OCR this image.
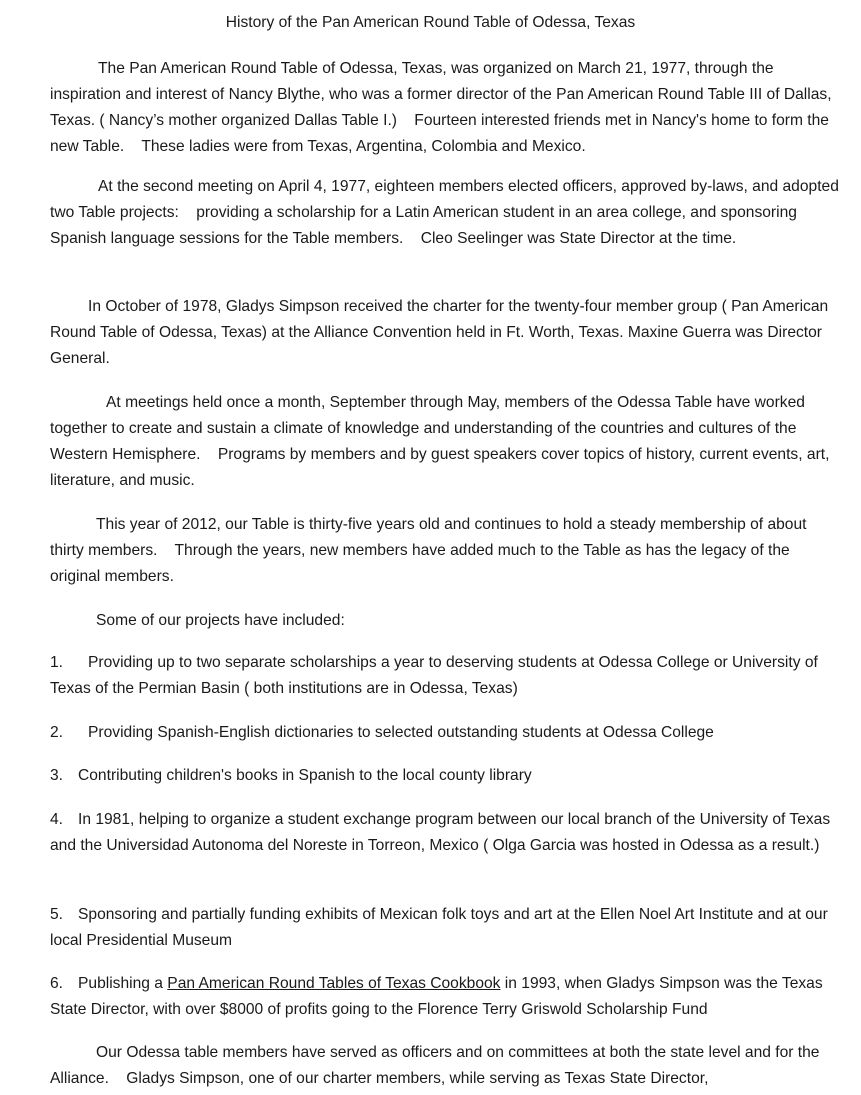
History of the Pan American Round Table of Odessa, Texas

The Pan American Round Table of Odessa, Texas, was organized on March 21, 1977, through the inspiration and interest of Nancy Blythe, who was a former director of the Pan American Round Table III of Dallas, Texas. ( Nancy’s mother organized Dallas Table I.)    Fourteen interested friends met in Nancy's home to form the new Table.    These ladies were from Texas, Argentina, Colombia and Mexico.

At the second meeting on April 4, 1977, eighteen members elected officers, approved by-laws, and adopted two Table projects:    providing a scholarship for a Latin American student in an area college, and sponsoring Spanish language sessions for the Table members.    Cleo Seelinger was State Director at the time.

In October of 1978, Gladys Simpson received the charter for the twenty-four member group ( Pan American Round Table of Odessa, Texas) at the Alliance Convention held in Ft. Worth, Texas. Maxine Guerra was Director General.

At meetings held once a month, September through May, members of the Odessa Table have worked together to create and sustain a climate of knowledge and understanding of the countries and cultures of the Western Hemisphere.    Programs by members and by guest speakers cover topics of history, current events, art, literature, and music.

This year of 2012, our Table is thirty-five years old and continues to hold a steady membership of about thirty members.    Through the years, new members have added much to the Table as has the legacy of the original members.

Some of our projects have included:

1. Providing up to two separate scholarships a year to deserving students at Odessa College or University of Texas of the Permian Basin ( both institutions are in Odessa, Texas)

2. Providing Spanish-English dictionaries to selected outstanding students at Odessa College

3. Contributing children's books in Spanish to the local county library

4. In 1981, helping to organize a student exchange program between our local branch of the University of Texas and the Universidad Autonoma del Noreste in Torreon, Mexico ( Olga Garcia was hosted in Odessa as a result.)

5. Sponsoring and partially funding exhibits of Mexican folk toys and art at the Ellen Noel Art Institute and at our local Presidential Museum

6. Publishing a Pan American Round Tables of Texas Cookbook in 1993, when Gladys Simpson was the Texas State Director, with over $8000 of profits going to the Florence Terry Griswold Scholarship Fund

Our Odessa table members have served as officers and on committees at both the state level and for the Alliance.    Gladys Simpson, one of our charter members, while serving as Texas State Director,
